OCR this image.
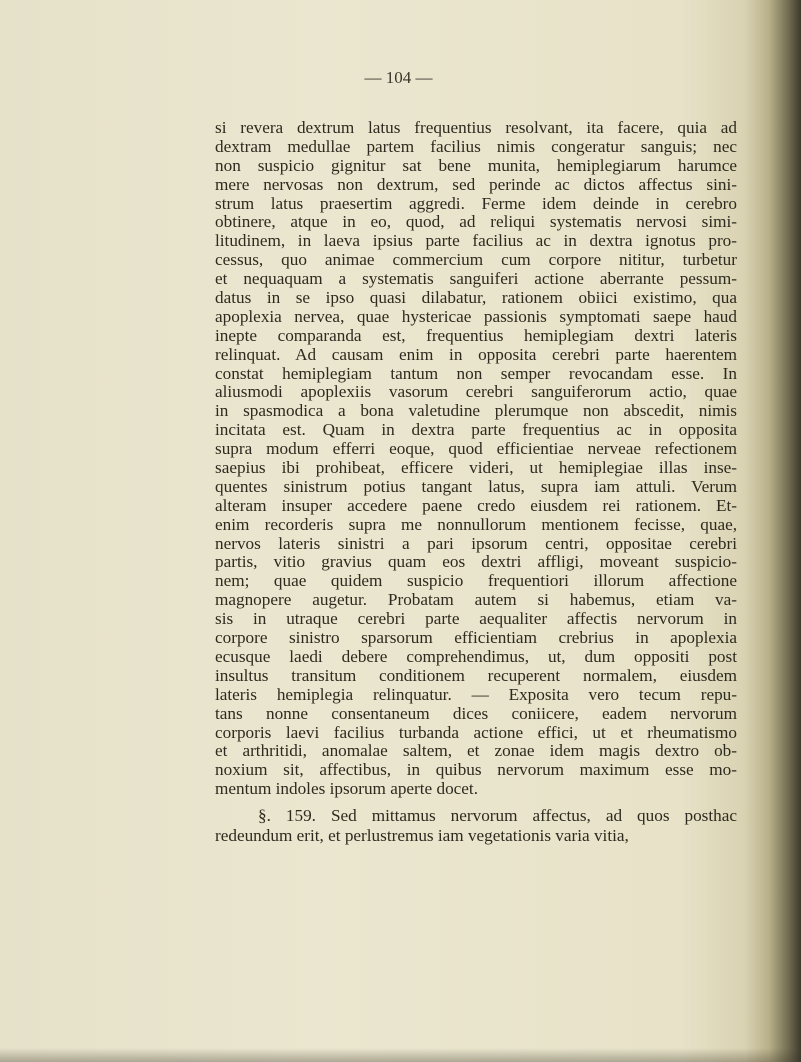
— 104 —
si revera dextrum latus frequentius resolvant, ita facere, quia ad
dextram medullae partem facilius nimis congeratur sanguis; nec
non suspicio gignitur sat bene munita, hemiplegiarum harumce
mere nervosas non dextrum, sed perinde ac dictos affectus sini-
strum latus praesertim aggredi. Ferme idem deinde in cerebro
obtinere, atque in eo, quod, ad reliqui systematis nervosi simi-
litudinem, in laeva ipsius parte facilius ac in dextra ignotus pro-
cessus, quo animae commercium cum corpore nititur, turbetur
et nequaquam a systematis sanguiferi actione aberrante pessum-
datus in se ipso quasi dilabatur, rationem obiici existimo, qua
apoplexia nervea, quae hystericae passionis symptomati saepe haud
inepte comparanda est, frequentius hemiplegiam dextri lateris
relinquat. Ad causam enim in opposita cerebri parte haerentem
constat hemiplegiam tantum non semper revocandam esse. In
aliusmodi apoplexiis vasorum cerebri sanguiferorum actio, quae
in spasmodica a bona valetudine plerumque non abscedit, nimis
incitata est. Quam in dextra parte frequentius ac in opposita
supra modum efferri eoque, quod efficientiae nerveae refectionem
saepius ibi prohibeat, efficere videri, ut hemiplegiae illas inse-
quentes sinistrum potius tangant latus, supra iam attuli. Verum
alteram insuper accedere paene credo eiusdem rei rationem. Et-
enim recorderis supra me nonnullorum mentionem fecisse, quae,
nervos lateris sinistri a pari ipsorum centri, oppositae cerebri
partis, vitio gravius quam eos dextri affligi, moveant suspicio-
nem; quae quidem suspicio frequentiori illorum affectione
magnopere augetur. Probatam autem si habemus, etiam va-
sis in utraque cerebri parte aequaliter affectis nervorum in
corpore sinistro sparsorum efficientiam crebrius in apoplexia
ecusque laedi debere comprehendimus, ut, dum oppositi post
insultus transitum conditionem recuperent normalem, eiusdem
lateris hemiplegia relinquatur. — Exposita vero tecum repu-
tans nonne consentaneum dices coniicere, eadem nervorum
corporis laevi facilius turbanda actione effici, ut et rheumatismo
et arthritidi, anomalae saltem, et zonae idem magis dextro ob-
noxium sit, affectibus, in quibus nervorum maximum esse mo-
mentum indoles ipsorum aperte docet.
§. 159. Sed mittamus nervorum affectus, ad quos posthac
redeundum erit, et perlustremus iam vegetationis varia vitia,
